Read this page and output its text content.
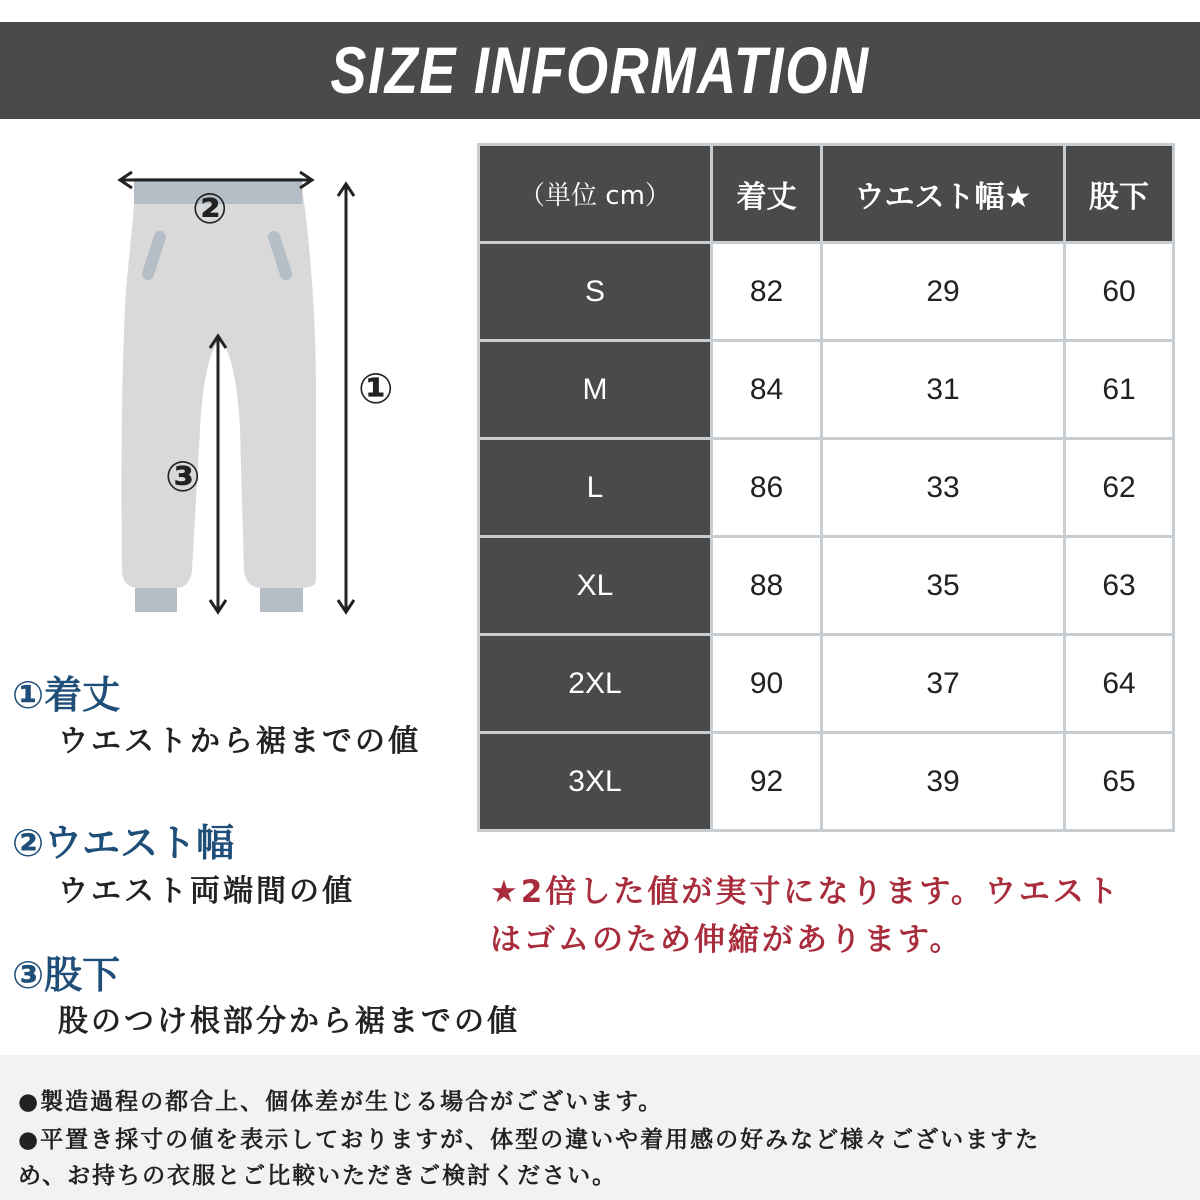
SIZE INFORMATION
②
①
③
（単位 cm）	着丈	ウエスト幅★	股下
S	82	29	60
M	84	31	61
L	86	33	62
XL	88	35	63
2XL	90	37	64
3XL	92	39	65
★2倍した値が実寸になります。ウエスト
はゴムのため伸縮があります。
①着丈
ウエストから裾までの値
②ウエスト幅
ウエスト両端間の値
③股下
股のつけ根部分から裾までの値
●製造過程の都合上、個体差が生じる場合がございます。
●平置き採寸の値を表示しておりますが、体型の違いや着用感の好みなど様々ございますた
め、お持ちの衣服とご比較いただきご検討ください。
